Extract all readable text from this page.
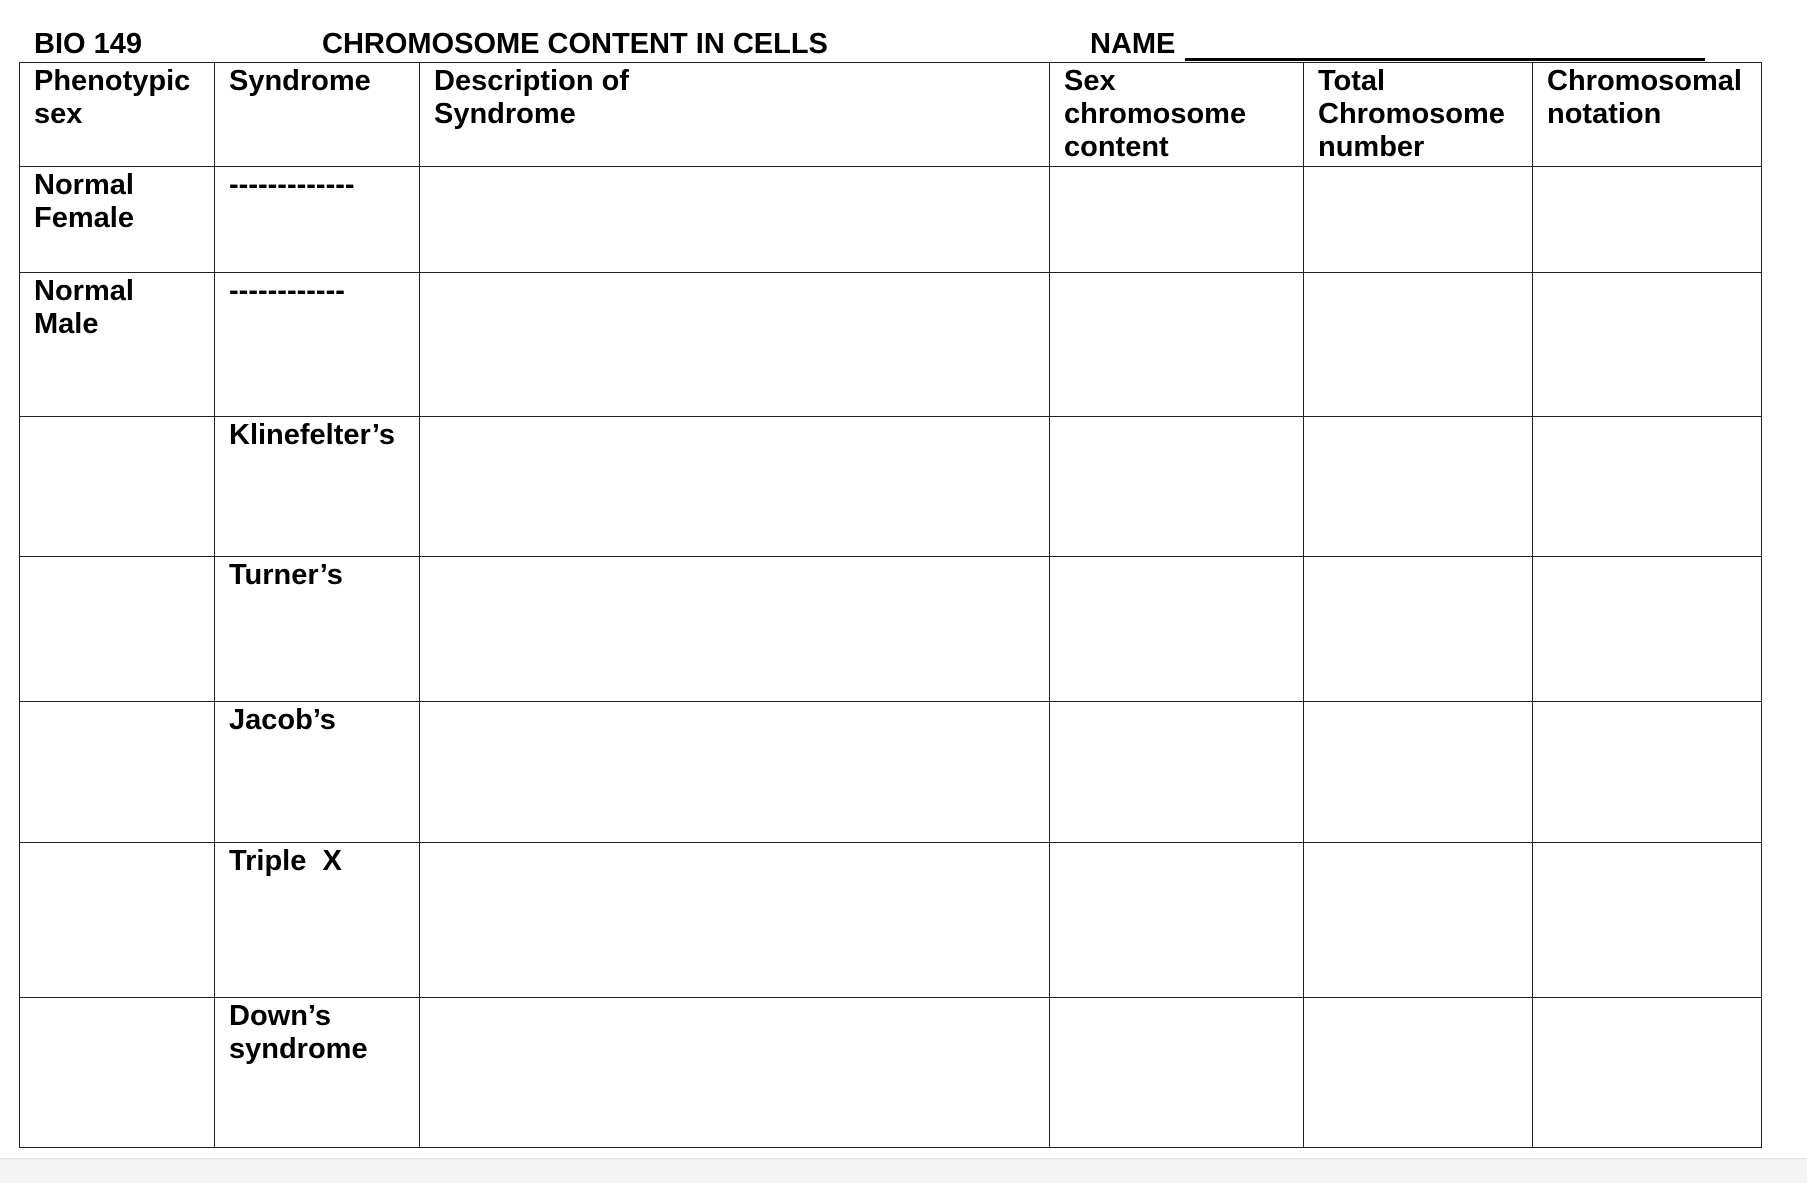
BIO 149	CHROMOSOME CONTENT IN CELLS	NAME
Phenotypic sex	Syndrome	Description of Syndrome	Sex chromosome content	Total Chromosome number	Chromosomal notation
Normal Female	-------------				
Normal Male	------------				
	Klinefelter’s				
	Turner’s				
	Jacob’s				
	Triple  X				
	Down’s syndrome				
